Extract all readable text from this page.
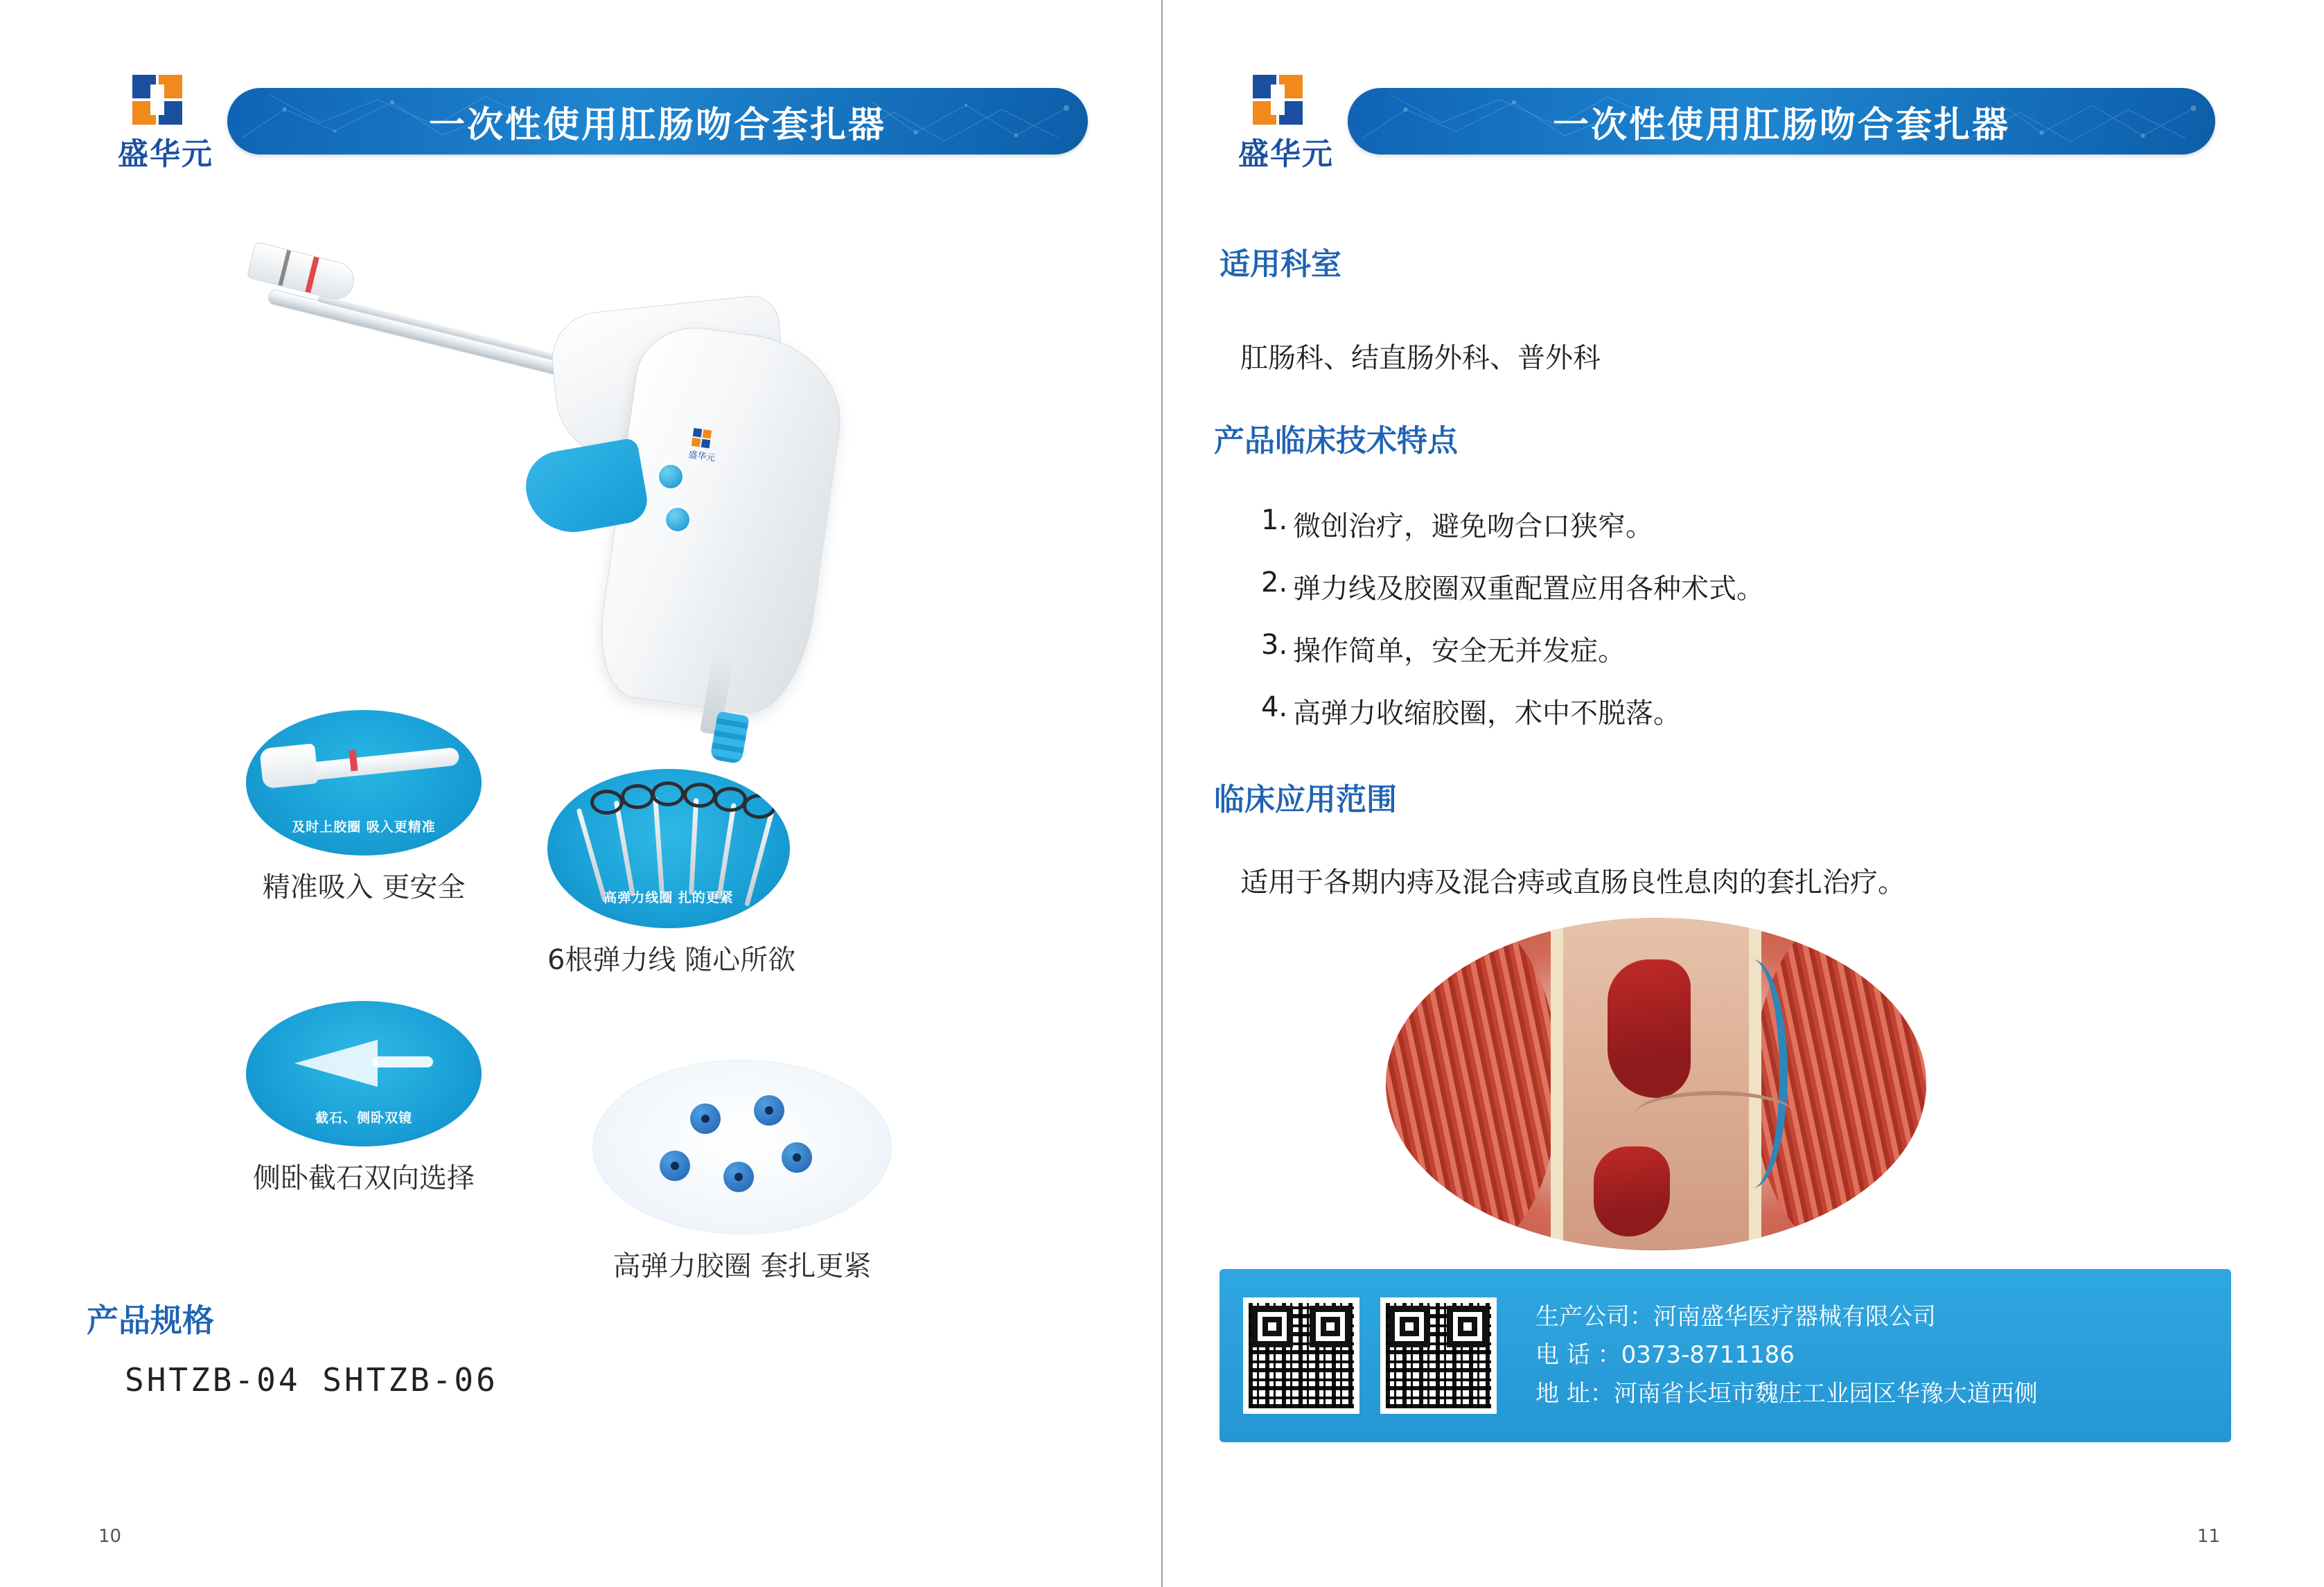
盛华元
一次性使用肛肠吻合套扎器
盛华元
及时上胶圈 吸入更精准
精准吸入 更安全	高弹力线圈 扎的更紧
6根弹力线 随心所欲
截石、侧卧双镜
侧卧截石双向选择
高弹力胶圈 套扎更紧
产品规格
SHTZB-04 SHTZB-06
10
盛华元
一次性使用肛肠吻合套扎器
适用科室
肛肠科、结直肠外科、普外科
产品临床技术特点
1. 微创治疗，避免吻合口狭窄。
2. 弹力线及胶圈双重配置应用各种术式。
3. 操作简单，安全无并发症。
4. 高弹力收缩胶圈，术中不脱落。
临床应用范围
适用于各期内痔及混合痔或直肠良性息肉的套扎治疗。
生产公司：河南盛华医疗器械有限公司
电 话 ：0373-8711186
地 址：河南省长垣市魏庄工业园区华豫大道西侧
11
